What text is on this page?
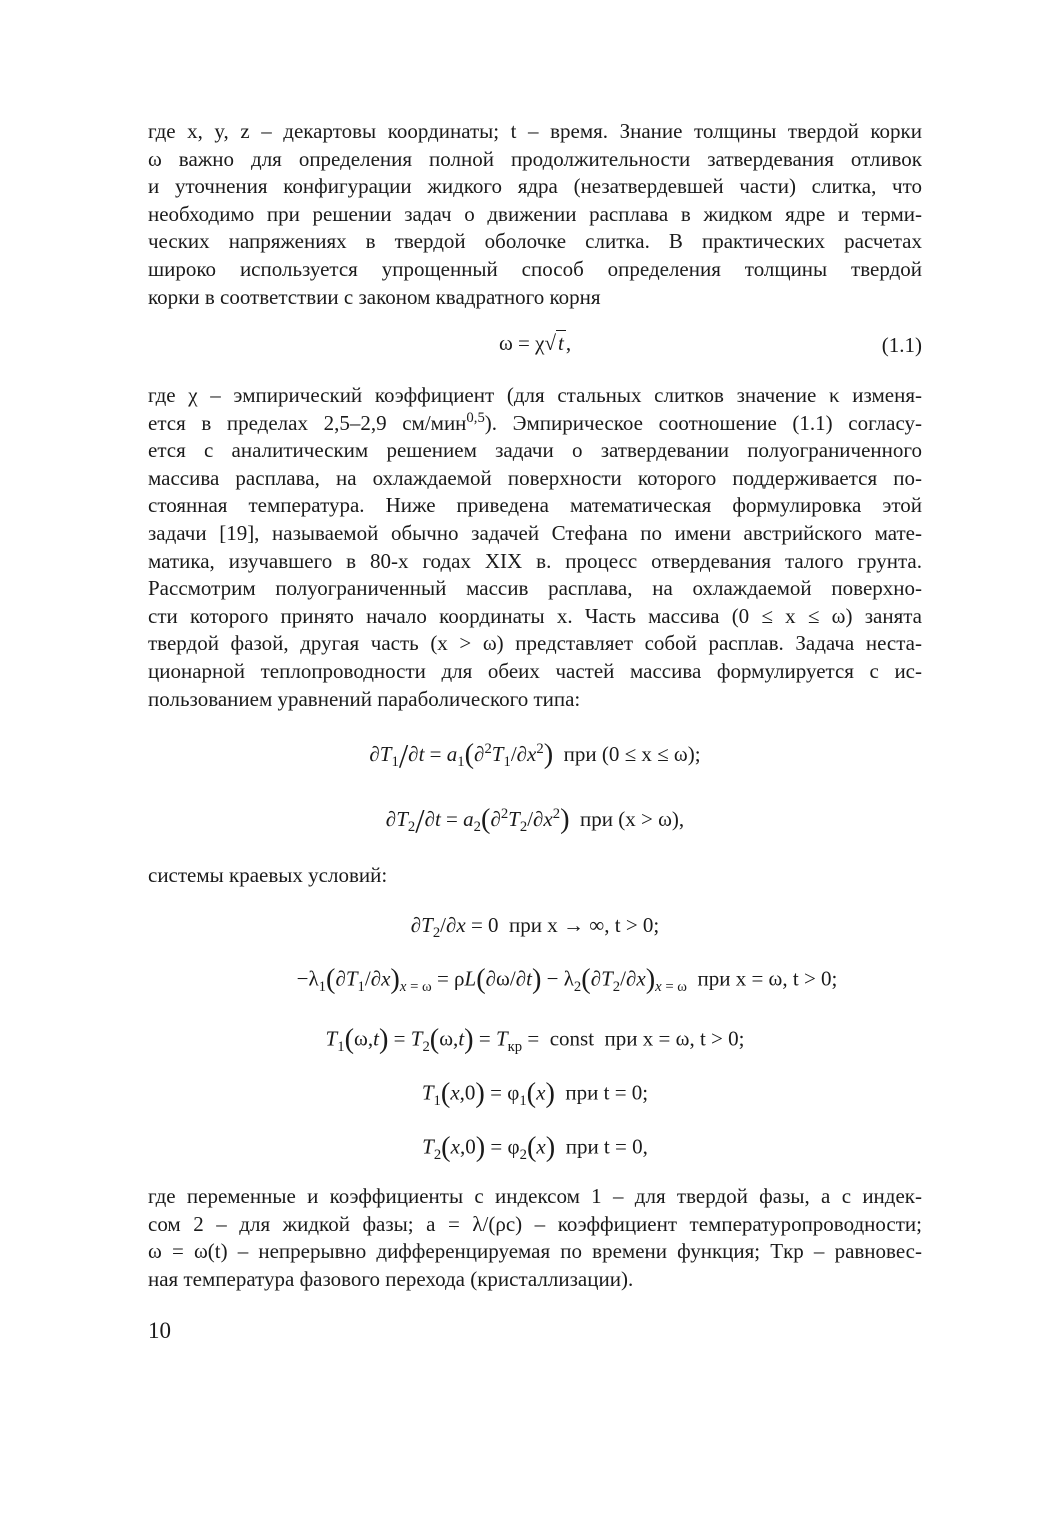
где x, y, z – декартовы координаты; t – время. Знание толщины твердой корки
ω важно для определения полной продолжительности затвердевания отливок
и уточнения конфигурации жидкого ядра (незатвердевшей части) слитка, что
необходимо при решении задач о движении расплава в жидком ядре и терми-
ческих напряжениях в твердой оболочке слитка. В практических расчетах
широко используется упрощенный способ определения толщины твердой
корки в соответствии с законом квадратного корня
ω = χ√t,	(1.1)
где χ – эмпирический коэффициент (для стальных слитков значение κ изменя-
ется в пределах 2,5–2,9 см/мин$^{0,5}$). Эмпирическое соотношение (1.1) согласу-
ется с аналитическим решением задачи о затвердевании полуограниченного
массива расплава, на охлаждаемой поверхности которого поддерживается по-
стоянная температура. Ниже приведена математическая формулировка этой
задачи [19], называемой обычно задачей Стефана по имени австрийского мате-
матика, изучавшего в 80-х годах XIX в. процесс отвердевания талого грунта.
Рассмотрим полуограниченный массив расплава, на охлаждаемой поверхно-
сти которого принято начало координаты x. Часть массива (0 ≤ x ≤ ω) занята
твердой фазой, другая часть (x > ω) представляет собой расплав. Задача неста-
ционарной теплопроводности для обеих частей массива формулируется с ис-
пользованием уравнений параболического типа:
$\partial T_1/\partial t = a_1(\partial^2T_1/\partial x^2)$ при (0 ≤ x ≤ ω);
$\partial T_2/\partial t = a_2(\partial^2T_2/\partial x^2)$ при (x > ω),

системы краевых условий:

$\partial T_2/\partial x = 0$  при x → ∞, t > 0;
$-\lambda_1(\partial T_1/\partial x)_{x = \omega} = \rho L(\partial\omega/\partial t) - \lambda_2(\partial T_2/\partial x)_{x = \omega}$ при x = ω, t > 0;
$T_1(\omega,t) = T_2(\omega,t) = T_{кр}$ =  const при x = ω, t > 0;
$T_1(x,0) = \varphi_1(x)$ при t = 0;
$T_2(x,0) = \varphi_2(x)$ при t = 0,
где переменные и коэффициенты с индексом 1 – для твердой фазы, а с индек-
сом 2 – для жидкой фазы; a = λ/(ρc) – коэффициент температуропроводности;
ω = ω(t) – непрерывно дифференцируемая по времени функция; Tкр – равновес-
ная температура фазового перехода (кристаллизации).
10
